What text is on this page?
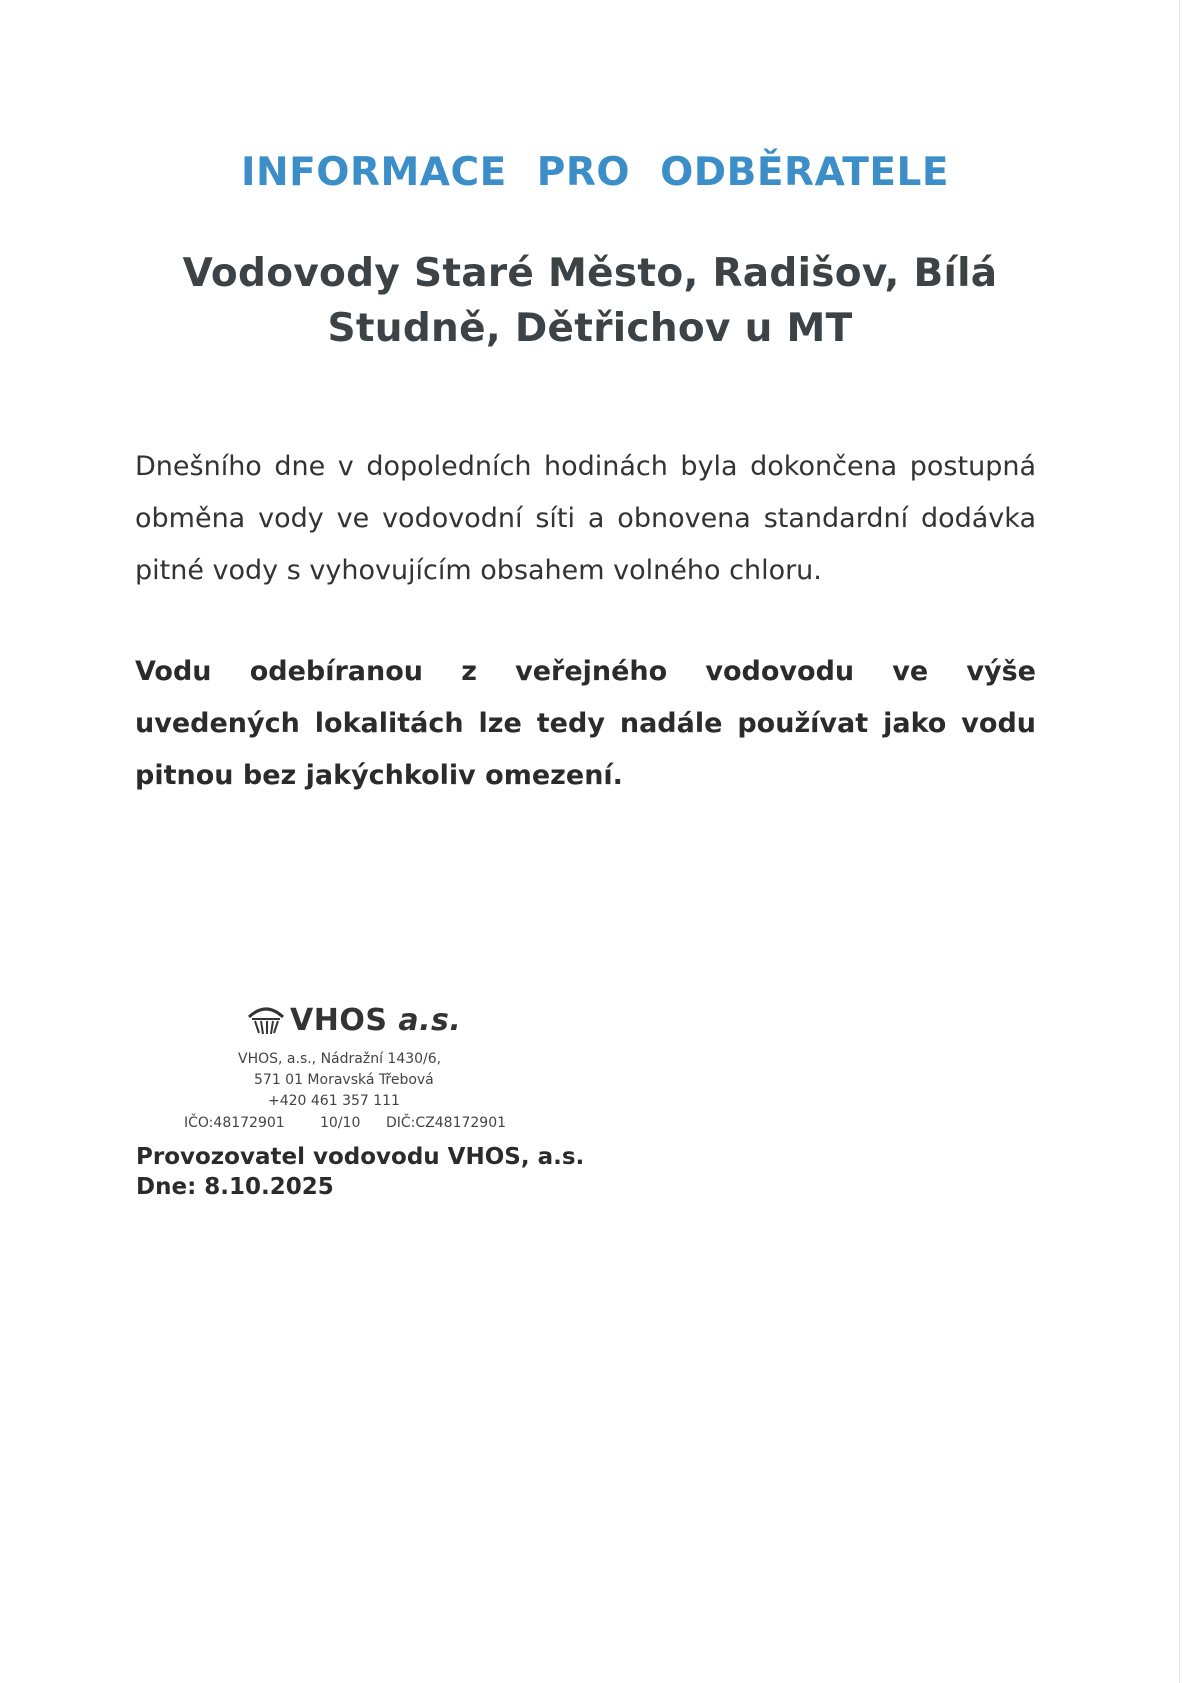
INFORMACE PRO ODBĚRATELE
Vodovody Staré Město, Radišov, Bílá
Studně, Dětřichov u MT
Dnešního dne v dopoledních hodinách byla dokončena postupná obměna vody ve vodovodní síti a obnovena standardní dodávka pitné vody s vyhovujícím obsahem volného chloru.
Vodu odebíranou z veřejného vodovodu ve výše uvedených lokalitách lze tedy nadále používat jako vodu pitnou bez jakýchkoliv omezení.
VHOS a.s.
VHOS, a.s., Nádražní 1430/6,
571 01 Moravská Třebová
+420 461 357 111
IČO:48172901	10/10 DIČ:CZ48172901
Provozovatel vodovodu VHOS, a.s.
Dne: 8.10.2025
